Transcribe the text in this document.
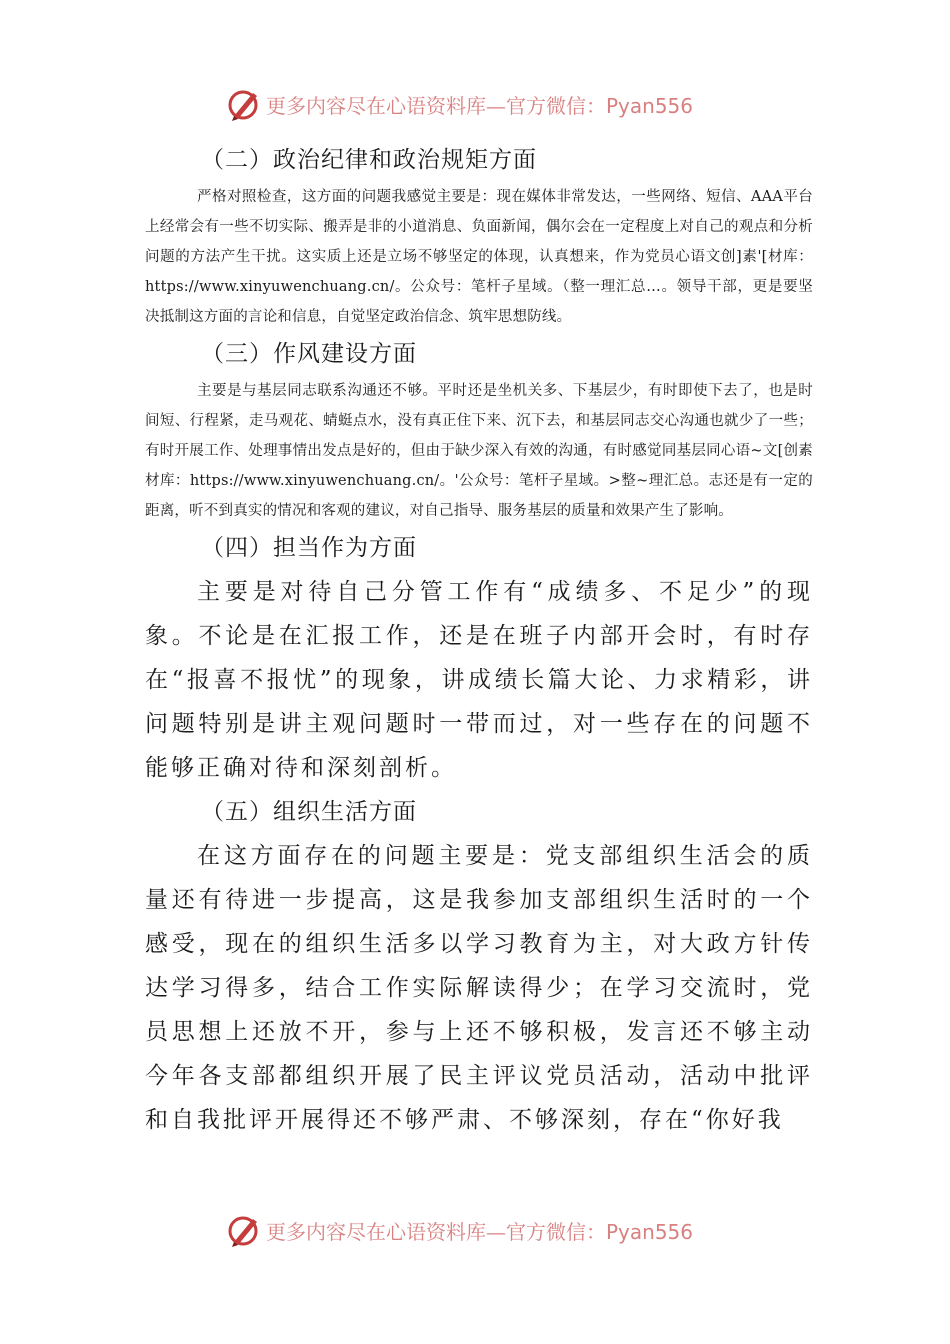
更多内容尽在心语资料库—官方微信：Pyan556
（二）政治纪律和政治规矩方面

严格对照检查，这方面的问题我感觉主要是：现在媒体非常发达，一些网络、短信、AAA平台上经常会有一些不切实际、搬弄是非的小道消息、负面新闻，偶尔会在一定程度上对自己的观点和分析问题的方法产生干扰。这实质上还是立场不够坚定的体现，认真想来，作为党员心语文创]素'[材库：https://www.xinyuwenchuang.cn/。公众号：笔杆子星域。（整一理汇总…。领导干部，更是要坚决抵制这方面的言论和信息，自觉坚定政治信念、筑牢思想防线。

（三）作风建设方面

主要是与基层同志联系沟通还不够。平时还是坐机关多、下基层少，有时即使下去了，也是时间短、行程紧，走马观花、蜻蜓点水，没有真正住下来、沉下去，和基层同志交心沟通也就少了一些；有时开展工作、处理事情出发点是好的，但由于缺少深入有效的沟通，有时感觉同基层同心语~文[创素材库：https://www.xinyuwenchuang.cn/。'公众号：笔杆子星域。>整~理汇总。志还是有一定的距离，听不到真实的情况和客观的建议，对自己指导、服务基层的质量和效果产生了影响。

（四）担当作为方面

主要是对待自己分管工作有“成绩多、不足少”的现象。不论是在汇报工作，还是在班子内部开会时，有时存在“报喜不报忧”的现象，讲成绩长篇大论、力求精彩，讲问题特别是讲主观问题时一带而过，对一些存在的问题不能够正确对待和深刻剖析。

（五）组织生活方面

在这方面存在的问题主要是：党支部组织生活会的质量还有待进一步提高，这是我参加支部组织生活时的一个感受，现在的组织生活多以学习教育为主，对大政方针传达学习得多，结合工作实际解读得少；在学习交流时，党员思想上还放不开，参与上还不够积极，发言还不够主动今年各支部都组织开展了民主评议党员活动，活动中批评和自我批评开展得还不够严肃、不够深刻，存在“你好我

更多内容尽在心语资料库—官方微信：Pyan556
